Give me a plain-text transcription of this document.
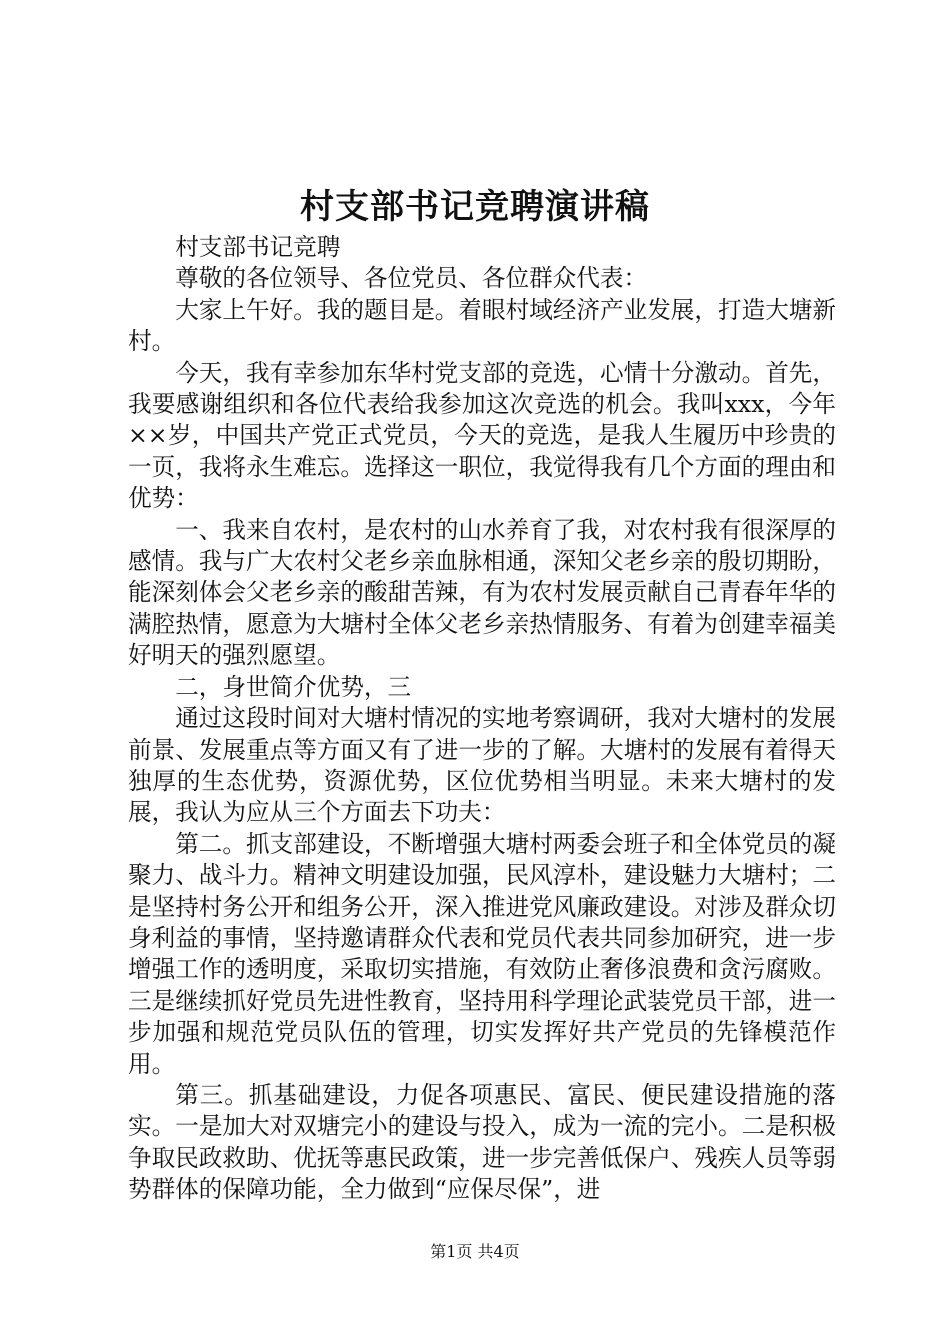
村支部书记竞聘演讲稿

村支部书记竞聘

尊敬的各位领导、各位党员、各位群众代表：

大家上午好。我的题目是。着眼村域经济产业发展，打造大塘新村。

今天，我有幸参加东华村党支部的竞选，心情十分激动。首先，我要感谢组织和各位代表给我参加这次竞选的机会。我叫xxx，今年××岁，中国共产党正式党员，今天的竞选，是我人生履历中珍贵的一页，我将永生难忘。选择这一职位，我觉得我有几个方面的理由和优势：

一、我来自农村，是农村的山水养育了我，对农村我有很深厚的感情。我与广大农村父老乡亲血脉相通，深知父老乡亲的殷切期盼，能深刻体会父老乡亲的酸甜苦辣，有为农村发展贡献自己青春年华的满腔热情，愿意为大塘村全体父老乡亲热情服务、有着为创建幸福美好明天的强烈愿望。

二，身世简介优势，三

通过这段时间对大塘村情况的实地考察调研，我对大塘村的发展前景、发展重点等方面又有了进一步的了解。大塘村的发展有着得天独厚的生态优势，资源优势，区位优势相当明显。未来大塘村的发展，我认为应从三个方面去下功夫：

第二。抓支部建设，不断增强大塘村两委会班子和全体党员的凝聚力、战斗力。精神文明建设加强，民风淳朴，建设魅力大塘村；二是坚持村务公开和组务公开，深入推进党风廉政建设。对涉及群众切身利益的事情，坚持邀请群众代表和党员代表共同参加研究，进一步增强工作的透明度，采取切实措施，有效防止奢侈浪费和贪污腐败。三是继续抓好党员先进性教育，坚持用科学理论武装党员干部，进一步加强和规范党员队伍的管理，切实发挥好共产党员的先锋模范作用。

第三。抓基础建设，力促各项惠民、富民、便民建设措施的落实。一是加大对双塘完小的建设与投入，成为一流的完小。二是积极争取民政救助、优抚等惠民政策，进一步完善低保户、残疾人员等弱势群体的保障功能，全力做到“应保尽保”，进

第1页 共4页
